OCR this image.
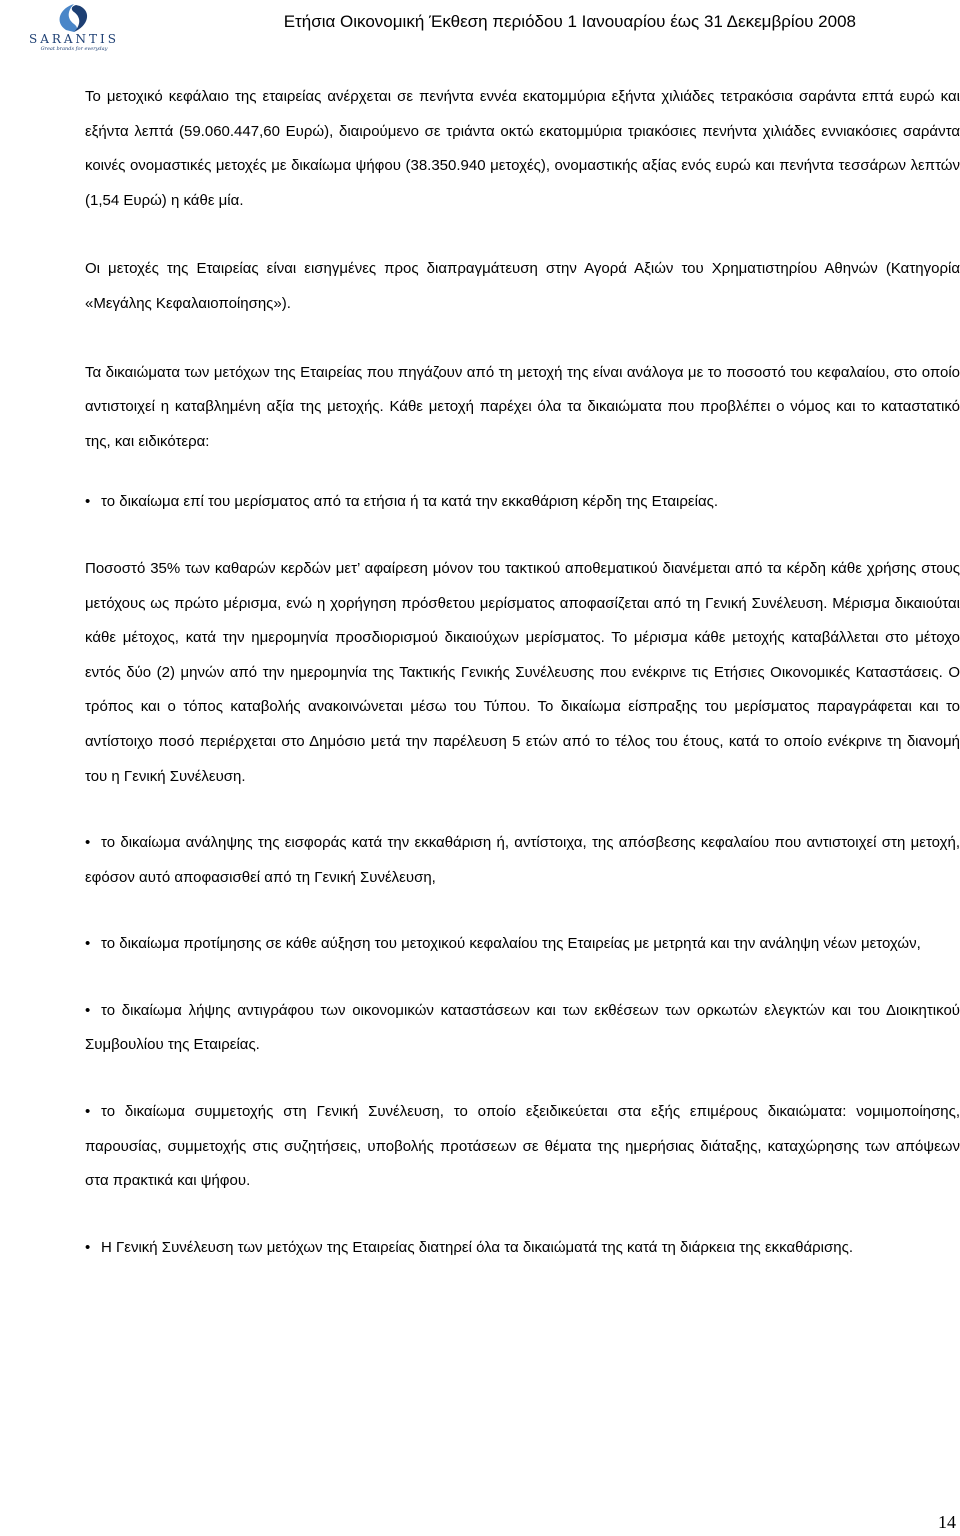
SARANTIS
Great brands for everyday
Ετήσια Οικονομική Έκθεση περιόδου 1 Ιανουαρίου έως 31 Δεκεμβρίου 2008

Το μετοχικό κεφάλαιο της εταιρείας ανέρχεται σε πενήντα εννέα εκατομμύρια εξήντα χιλιάδες τετρακόσια σαράντα επτά ευρώ και εξήντα λεπτά (59.060.447,60 Ευρώ), διαιρούμενο σε τριάντα οκτώ εκατομμύρια τριακόσιες πενήντα χιλιάδες εννιακόσιες σαράντα κοινές ονομαστικές μετοχές με δικαίωμα ψήφου (38.350.940 μετοχές), ονομαστικής αξίας ενός ευρώ και πενήντα τεσσάρων λεπτών (1,54 Ευρώ) η κάθε μία.

Οι μετοχές της Εταιρείας είναι εισηγμένες προς διαπραγμάτευση στην Αγορά Αξιών του Χρηματιστηρίου Αθηνών (Κατηγορία «Μεγάλης Κεφαλαιοποίησης»).

Τα δικαιώματα των μετόχων της Εταιρείας που πηγάζουν από τη μετοχή της είναι ανάλογα με το ποσοστό του κεφαλαίου, στο οποίο αντιστοιχεί η καταβλημένη αξία της μετοχής. Κάθε μετοχή παρέχει όλα τα δικαιώματα που προβλέπει ο νόμος και το καταστατικό της, και ειδικότερα:

• το δικαίωμα επί του μερίσματος από τα ετήσια ή τα κατά την εκκαθάριση κέρδη της Εταιρείας.

Ποσοστό 35% των καθαρών κερδών μετ’ αφαίρεση μόνον του τακτικού αποθεματικού διανέμεται από τα κέρδη κάθε χρήσης στους μετόχους ως πρώτο μέρισμα, ενώ η χορήγηση πρόσθετου μερίσματος αποφασίζεται από τη Γενική Συνέλευση. Μέρισμα δικαιούται κάθε μέτοχος, κατά την ημερομηνία προσδιορισμού δικαιούχων μερίσματος. Το μέρισμα κάθε μετοχής καταβάλλεται στο μέτοχο εντός δύο (2) μηνών από την ημερομηνία της Τακτικής Γενικής Συνέλευσης που ενέκρινε τις Ετήσιες Οικονομικές Καταστάσεις. Ο τρόπος και ο τόπος καταβολής ανακοινώνεται μέσω του Τύπου. Το δικαίωμα είσπραξης του μερίσματος παραγράφεται και το αντίστοιχο ποσό περιέρχεται στο Δημόσιο μετά την παρέλευση 5 ετών από το τέλος του έτους, κατά το οποίο ενέκρινε τη διανομή του η Γενική Συνέλευση.

• το δικαίωμα ανάληψης της εισφοράς κατά την εκκαθάριση ή, αντίστοιχα, της απόσβεσης κεφαλαίου που αντιστοιχεί στη μετοχή, εφόσον αυτό αποφασισθεί από τη Γενική Συνέλευση,

• το δικαίωμα προτίμησης σε κάθε αύξηση του μετοχικού κεφαλαίου της Εταιρείας με μετρητά και την ανάληψη νέων μετοχών,

• το δικαίωμα λήψης αντιγράφου των οικονομικών καταστάσεων και των εκθέσεων των ορκωτών ελεγκτών και του Διοικητικού Συμβουλίου της Εταιρείας.

• το δικαίωμα συμμετοχής στη Γενική Συνέλευση, το οποίο εξειδικεύεται στα εξής επιμέρους δικαιώματα: νομιμοποίησης, παρουσίας, συμμετοχής στις συζητήσεις, υποβολής προτάσεων σε θέματα της ημερήσιας διάταξης, καταχώρησης των απόψεων στα πρακτικά και ψήφου.

• Η Γενική Συνέλευση των μετόχων της Εταιρείας διατηρεί όλα τα δικαιώματά της κατά τη διάρκεια της εκκαθάρισης.

14
